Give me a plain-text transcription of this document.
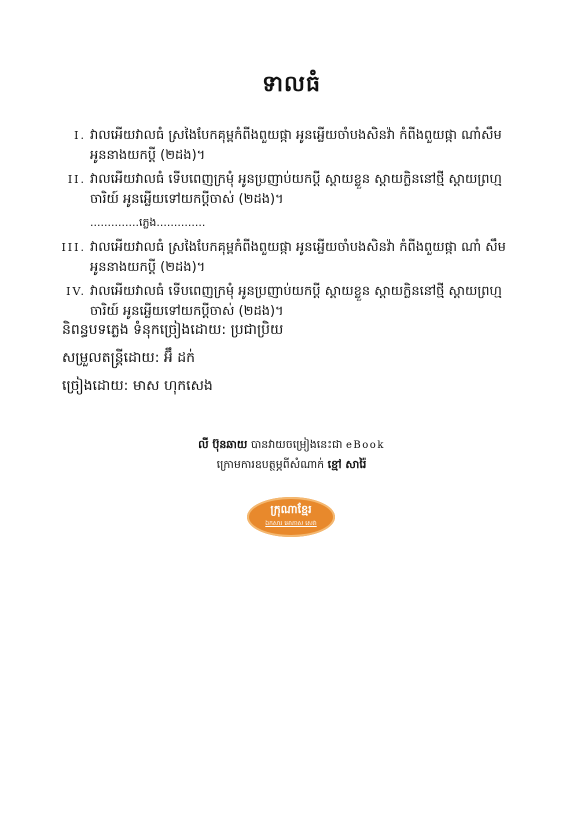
ទាលធំ
I. វាលអើយវាលធំ ស្រងៃបែកគុម្ពកំពីងពួយផ្កា អូនអើ្លយចាំបងសិនវ៉ា កំពីងពួយផ្កា ណាំសឹម
អូននាងយកប្ដី (២ដង)។
II. វាលអើយវាលធំ ទើបពេញក្រមុំ អូនប្រញាប់យកប្ដី ស្ដាយខ្លួន ស្ដាយក្លិននៅថ្មី ស្ដាយព្រហ្ម
ចារិយ៍ អូនអើ្លយទៅយកប្ដីចាស់ (២ដង)។
..............ភ្លេង..............
III. វាលអើយវាលធំ ស្រងៃបែកគុម្ពកំពីងពួយផ្កា អូនអើ្លយចាំបងសិនវ៉ា កំពីងពួយផ្កា ណាំ សឹម
អូននាងយកប្ដី (២ដង)។
IV. វាលអើយវាលធំ ទើបពេញក្រមុំ អូនប្រញាប់យកប្ដី ស្ដាយខ្លួន ស្ដាយក្លិននៅថ្មី ស្ដាយព្រហ្ម
ចារិយ៍ អូនអើ្លយទៅយកប្ដីចាស់ (២ដង)។
និពន្ធបទភ្លេង ទំនុកច្រៀងដោយ: ប្រជាប្រិយ
សម្រួលតន្ត្រីដោយ: អ៊ឹ ដក់
ច្រៀងដោយ: មាស ហុកសេង
លី ប៊ុនឆាយ បានវាយចម្រៀងនេះជា eBook
ក្រោមការឧបត្ថម្ភពីសំណាក់ ខ្មៅ សារ៉ៃ
ក្រុណាខ្មែរ
ឯកសារ អោភាស សេវា
